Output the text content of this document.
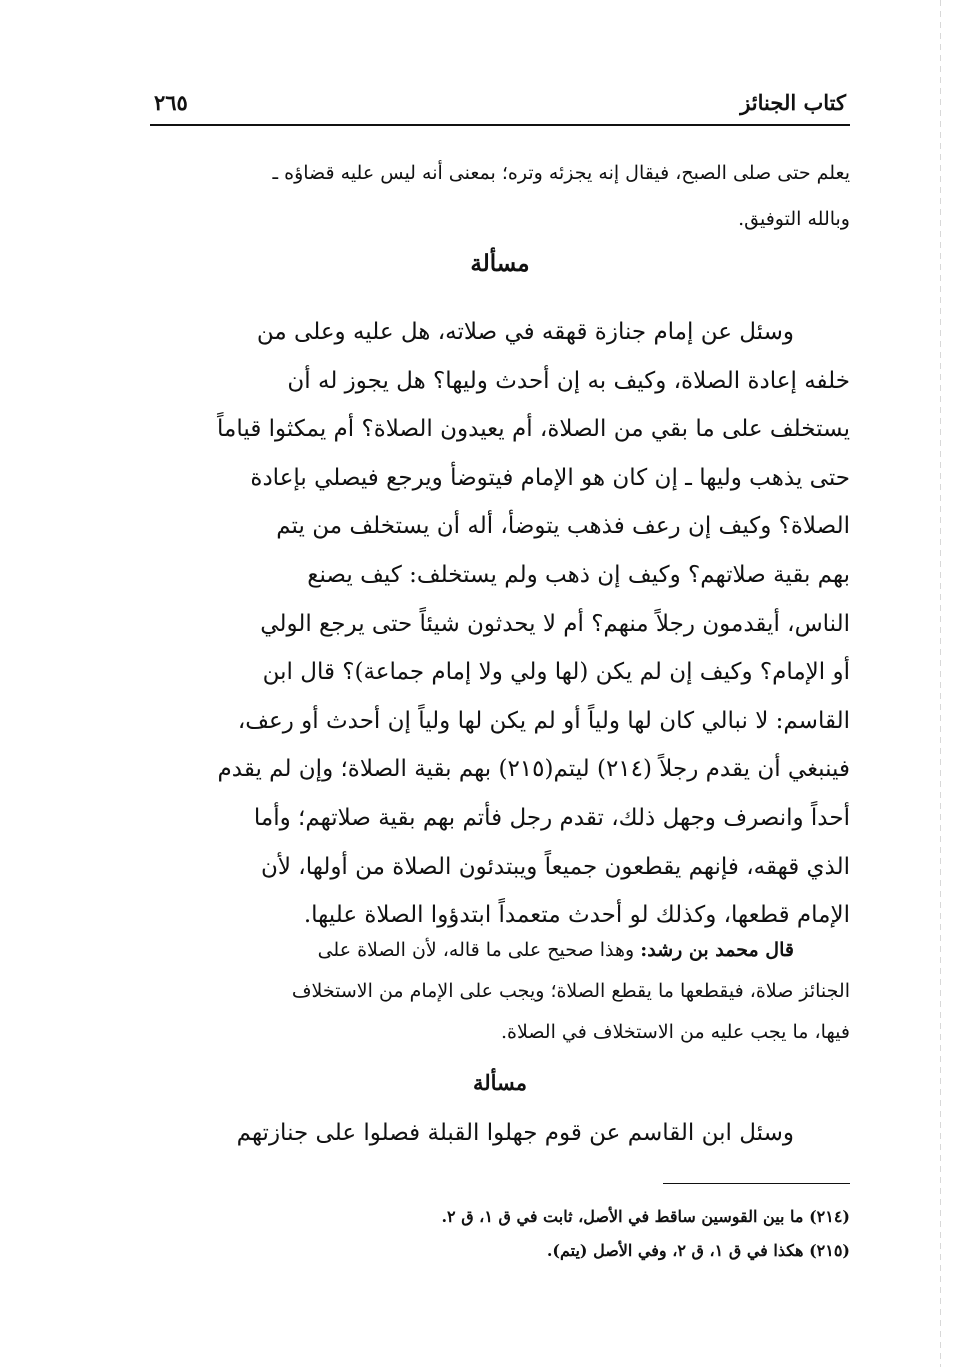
كتاب الجنائز
٢٦٥
يعلم حتى صلى الصبح، فيقال إنه يجزئه وتره؛ بمعنى أنه ليس عليه قضاؤه ـ
وبالله التوفيق.
مسألة
وسئل عن إمام جنازة قهقه في صلاته، هل عليه وعلى من
خلفه إعادة الصلاة، وكيف به إن أحدث وليها؟ هل يجوز له أن
يستخلف على ما بقي من الصلاة، أم يعيدون الصلاة؟ أم يمكثوا قياماً
حتى يذهب وليها ـ إن كان هو الإمام فيتوضأ ويرجع فيصلي بإعادة
الصلاة؟ وكيف إن رعف فذهب يتوضأ، أله أن يستخلف من يتم
بهم بقية صلاتهم؟ وكيف إن ذهب ولم يستخلف: كيف يصنع
الناس، أيقدمون رجلاً منهم؟ أم لا يحدثون شيئاً حتى يرجع الولي
أو الإمام؟ وكيف إن لم يكن (لها ولي ولا إمام جماعة)؟ قال ابن
القاسم: لا نبالي كان لها ولياً أو لم يكن لها ولياً إن أحدث أو رعف،
فينبغي أن يقدم رجلاً (٢١٤) ليتم(٢١٥) بهم بقية الصلاة؛ وإن لم يقدم
أحداً وانصرف وجهل ذلك، تقدم رجل فأتم بهم بقية صلاتهم؛ وأما
الذي قهقه، فإنهم يقطعون جميعاً ويبتدئون الصلاة من أولها، لأن
الإمام قطعها، وكذلك لو أحدث متعمداً ابتدؤوا الصلاة عليها.
قال محمد بن رشد: وهذا صحيح على ما قاله، لأن الصلاة على
الجنائز صلاة، فيقطعها ما يقطع الصلاة؛ ويجب على الإمام من الاستخلاف
فيها، ما يجب عليه من الاستخلاف في الصلاة.
مسألة
وسئل ابن القاسم عن قوم جهلوا القبلة فصلوا على جنازتهم
(٢١٤) ما بين القوسين ساقط في الأصل، ثابت في ق ١، ق ٢.
(٢١٥) هكذا في ق ١، ق ٢، وفي الأصل (يتم).
